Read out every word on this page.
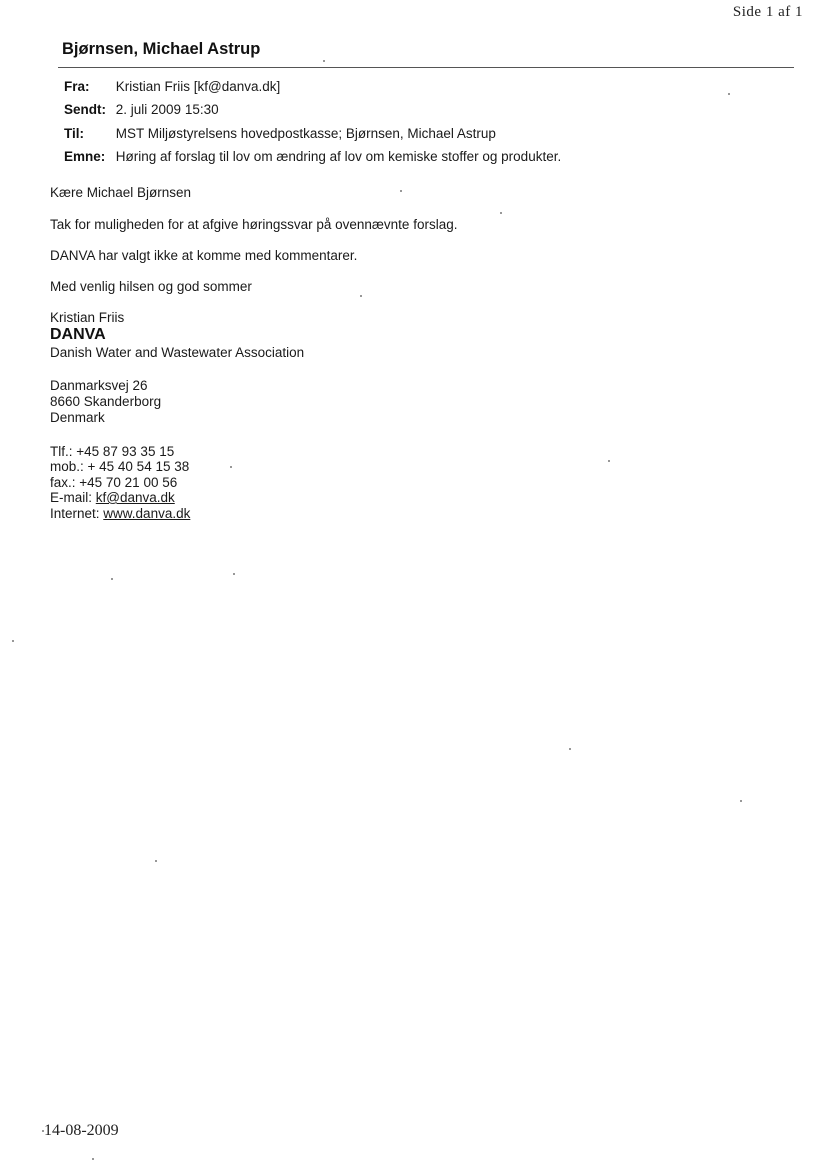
Side 1 af 1
Bjørnsen, Michael Astrup
Fra: Kristian Friis [kf@danva.dk]
Sendt: 2. juli 2009 15:30
Til: MST Miljøstyrelsens hovedpostkasse; Bjørnsen, Michael Astrup
Emne: Høring af forslag til lov om ændring af lov om kemiske stoffer og produkter.
Kære Michael Bjørnsen
Tak for muligheden for at afgive høringssvar på ovennævnte forslag.
DANVA har valgt ikke at komme med kommentarer.
Med venlig hilsen og god sommer
Kristian Friis
DANVA
Danish Water and Wastewater Association
Danmarksvej 26
8660 Skanderborg
Denmark
Tlf.: +45 87 93 35 15
mob.: + 45 40 54 15 38
fax.: +45 70 21 00 56
E-mail: kf@danva.dk
Internet: www.danva.dk
14-08-2009
